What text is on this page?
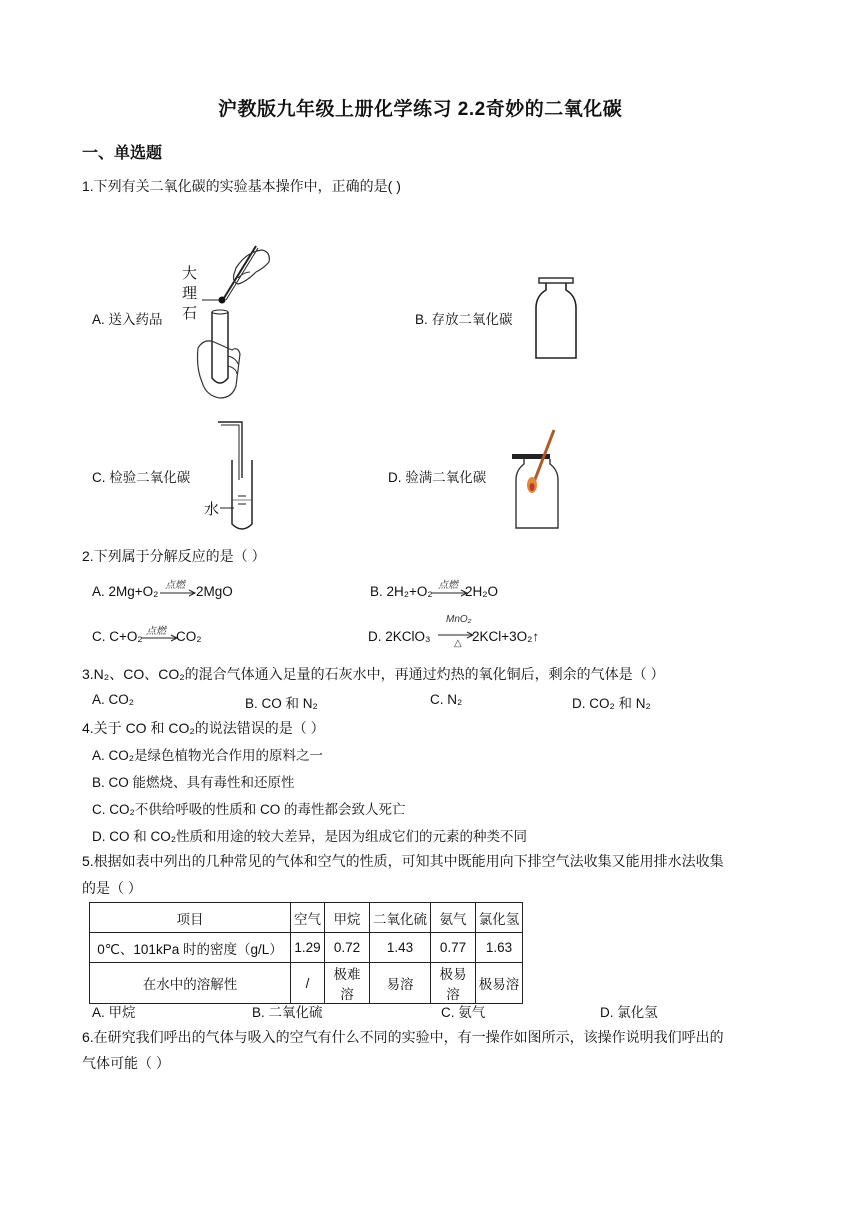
沪教版九年级上册化学练习 2.2奇妙的二氧化碳
一、单选题
1.下列有关二氧化碳的实验基本操作中，正确的是( )
A. 送入药品	B. 存放二氧化碳
C. 检验二氧化碳	D. 验满二氧化碳
大理石
水
2.下列属于分解反应的是（ ）
A. 2Mg+O₂	2MgO
点燃	B. 2H₂+O₂ 2H₂O
点燃
C. C+O₂ CO₂
点燃	D. 2KClO₃	2KCl+3O₂↑
MnO₂
△
3.N₂、CO、CO₂的混合气体通入足量的石灰水中，再通过灼热的氧化铜后，剩余的气体是（ ）
A. CO₂	B. CO 和 N₂	C. N₂	D. CO₂ 和 N₂
4.关于 CO 和 CO₂的说法错误的是（ ）
A. CO₂是绿色植物光合作用的原料之一
B. CO 能燃烧、具有毒性和还原性
C. CO₂不供给呼吸的性质和 CO 的毒性都会致人死亡
D. CO 和 CO₂性质和用途的较大差异，是因为组成它们的元素的种类不同
5.根据如表中列出的几种常见的气体和空气的性质，可知其中既能用向下排空气法收集又能用排水法收集
的是（ ）
项目	空气	甲烷	二氧化硫	氨气	氯化氢
0℃、101kPa 时的密度（g/L）	1.29	0.72	1.43	0.77	1.63
在水中的溶解性	/	极难溶	易溶	极易溶	极易溶
A. 甲烷	B. 二氧化硫	C. 氨气	D. 氯化氢
6.在研究我们呼出的气体与吸入的空气有什么不同的实验中，有一操作如图所示，该操作说明我们呼出的
气体可能（ ）
